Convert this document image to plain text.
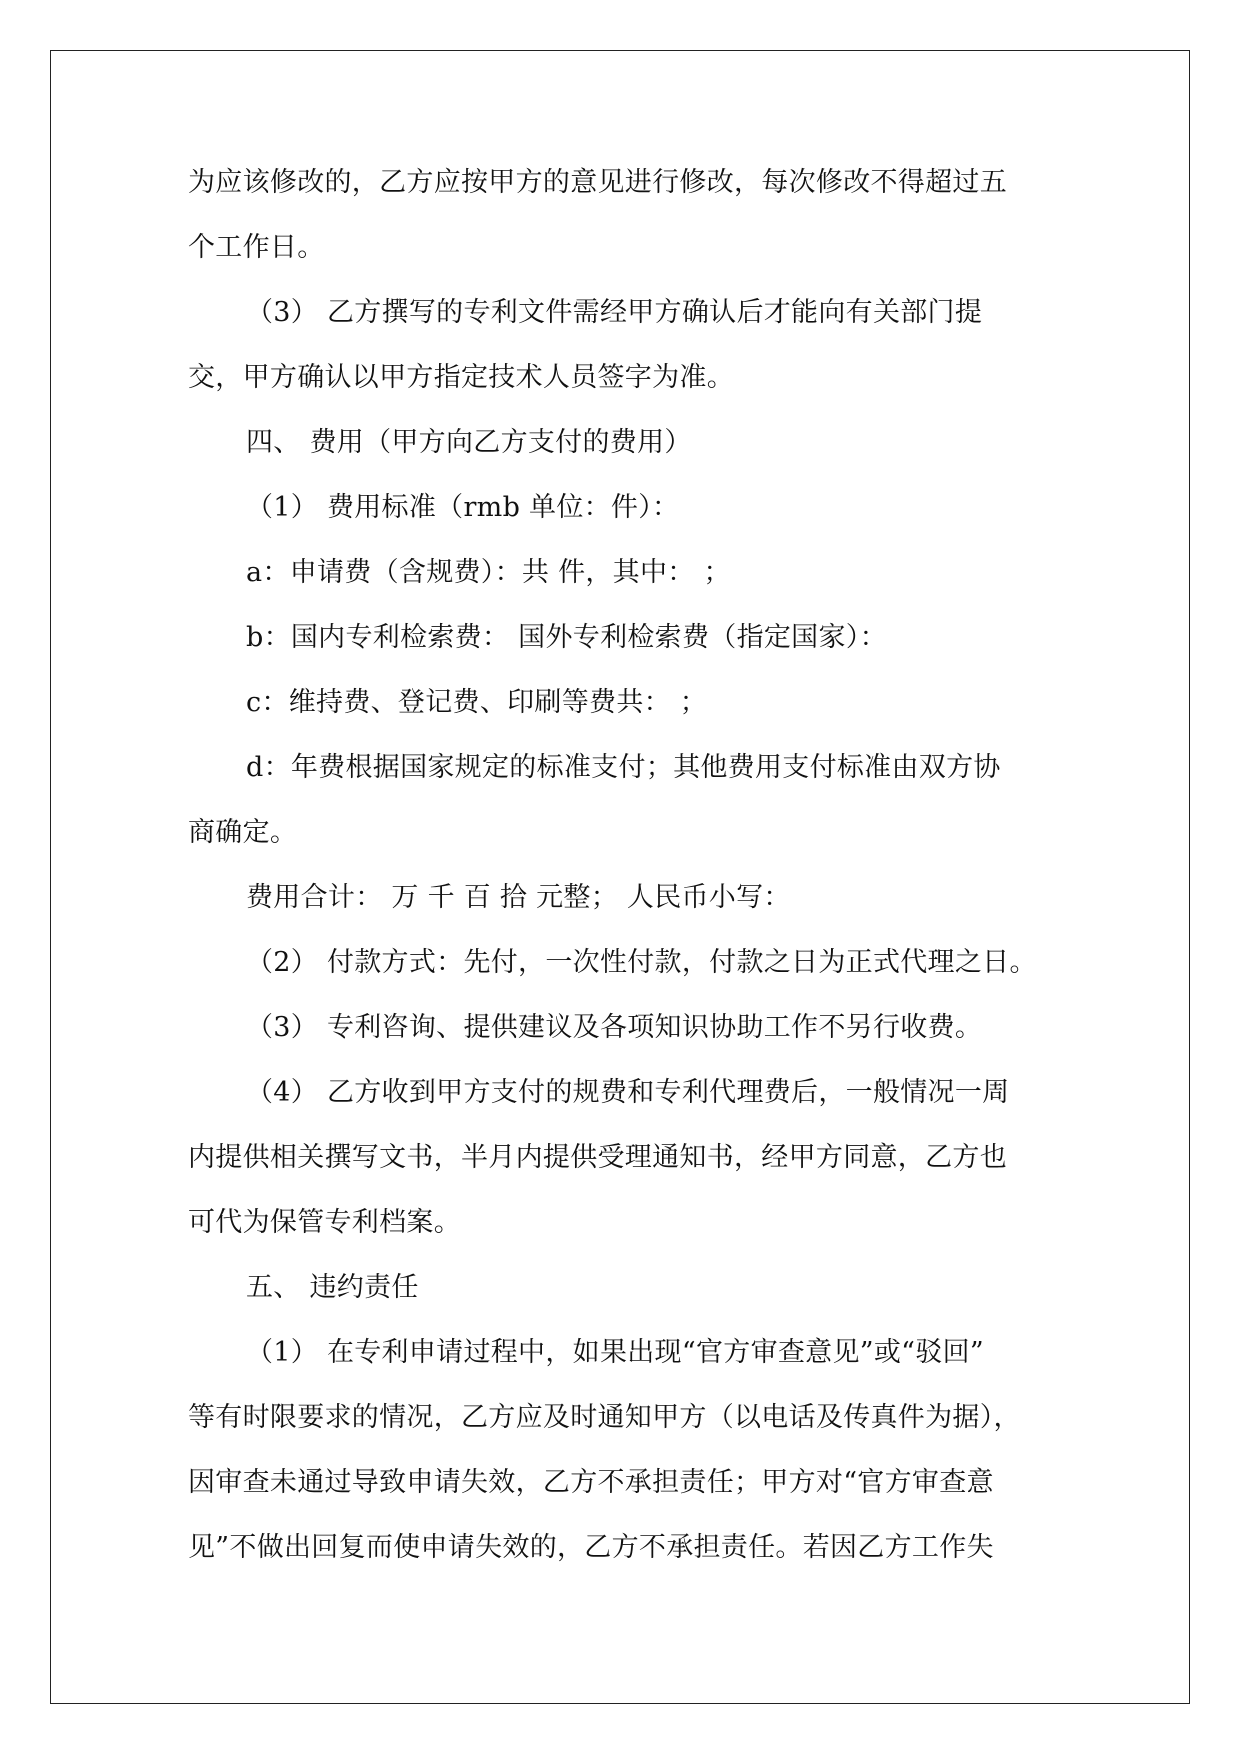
为应该修改的，乙方应按甲方的意见进行修改，每次修改不得超过五
个工作日。
（3） 乙方撰写的专利文件需经甲方确认后才能向有关部门提
交，甲方确认以甲方指定技术人员签字为准。
四、 费用（甲方向乙方支付的费用）
（1） 费用标准（rmb 单位：件）：
a：申请费（含规费）：共 件，其中： ；
b：国内专利检索费： 国外专利检索费（指定国家）：
c：维持费、登记费、印刷等费共： ；
d：年费根据国家规定的标准支付；其他费用支付标准由双方协
商确定。
费用合计： 万 千 百 拾 元整； 人民币小写：
（2） 付款方式：先付，一次性付款，付款之日为正式代理之日。
（3） 专利咨询、提供建议及各项知识协助工作不另行收费。
（4） 乙方收到甲方支付的规费和专利代理费后，一般情况一周
内提供相关撰写文书，半月内提供受理通知书，经甲方同意，乙方也
可代为保管专利档案。
五、 违约责任
（1） 在专利申请过程中，如果出现“官方审查意见”或“驳回”
等有时限要求的情况，乙方应及时通知甲方（以电话及传真件为据），
因审查未通过导致申请失效，乙方不承担责任；甲方对“官方审查意
见”不做出回复而使申请失效的，乙方不承担责任。若因乙方工作失
